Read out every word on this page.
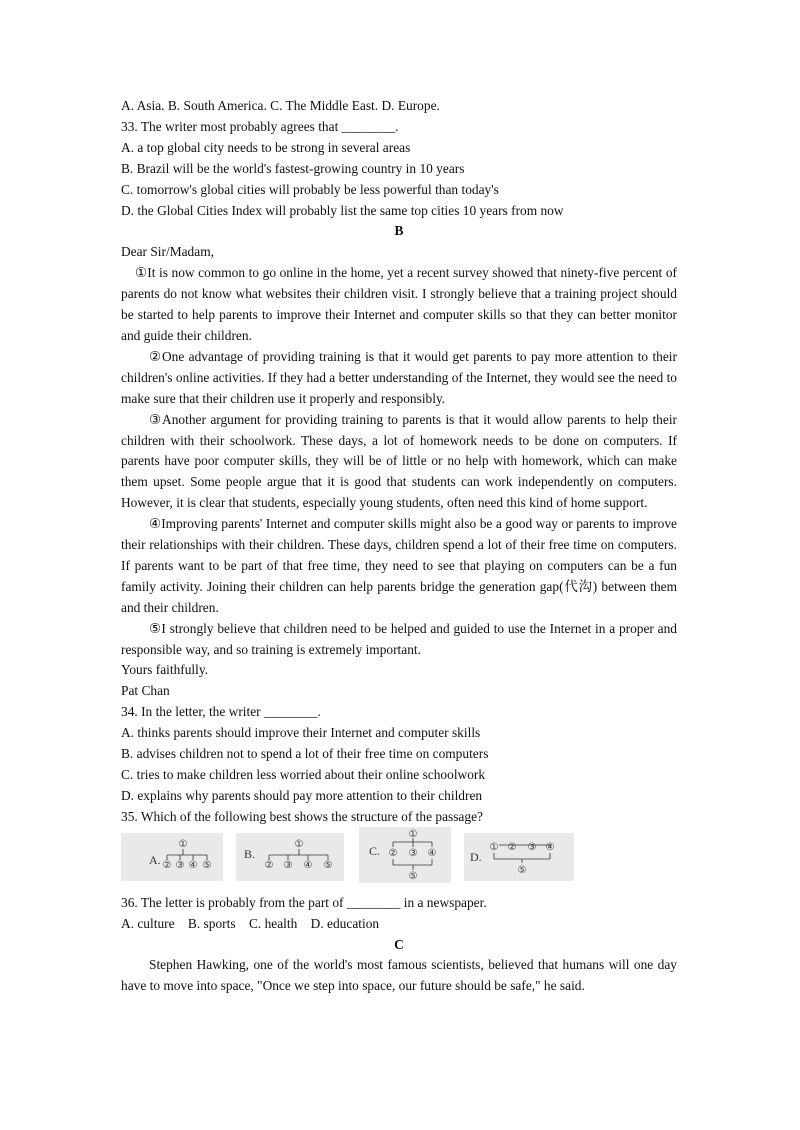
A. Asia. B. South America. C. The Middle East. D. Europe.
33. The writer most probably agrees that ________.
A. a top global city needs to be strong in several areas
B. Brazil will be the world's fastest-growing country in 10 years
C. tomorrow's global cities will probably be less powerful than today's
D. the Global Cities Index will probably list the same top cities 10 years from now
B
Dear Sir/Madam,
①It is now common to go online in the home, yet a recent survey showed that ninety-five percent of parents do not know what websites their children visit. I strongly believe that a training project should be started to help parents to improve their Internet and computer skills so that they can better monitor and guide their children.
②One advantage of providing training is that it would get parents to pay more attention to their children's online activities. If they had a better understanding of the Internet, they would see the need to make sure that their children use it properly and responsibly.
③Another argument for providing training to parents is that it would allow parents to help their children with their schoolwork. These days, a lot of homework needs to be done on computers. If parents have poor computer skills, they will be of little or no help with homework, which can make them upset. Some people argue that it is good that students can work independently on computers. However, it is clear that students, especially young students, often need this kind of home support.
④Improving parents' Internet and computer skills might also be a good way or parents to improve their relationships with their children. These days, children spend a lot of their free time on computers. If parents want to be part of that free time, they need to see that playing on computers can be a fun family activity. Joining their children can help parents bridge the generation gap(代沟) between them and their children.
⑤I strongly believe that children need to be helped and guided to use the Internet in a proper and responsible way, and so training is extremely important.
Yours faithfully.
Pat Chan
34. In the letter, the writer ________.
A. thinks parents should improve their Internet and computer skills
B. advises children not to spend a lot of their free time on computers
C. tries to make children less worried about their online schoolwork
D. explains why parents should pay more attention to their children
35. Which of the following best shows the structure of the passage?
A.
①
② ③ ④ ⑤
B.
①
② ③ ④ ⑤
C.
①
② ③ ④
⑤
D.
① ② ③ ④
⑤
36. The letter is probably from the part of ________ in a newspaper.
A. culture    B. sports    C. health    D. education
C
Stephen Hawking, one of the world's most famous scientists, believed that humans will one day have to move into space, "Once we step into space, our future should be safe," he said.
